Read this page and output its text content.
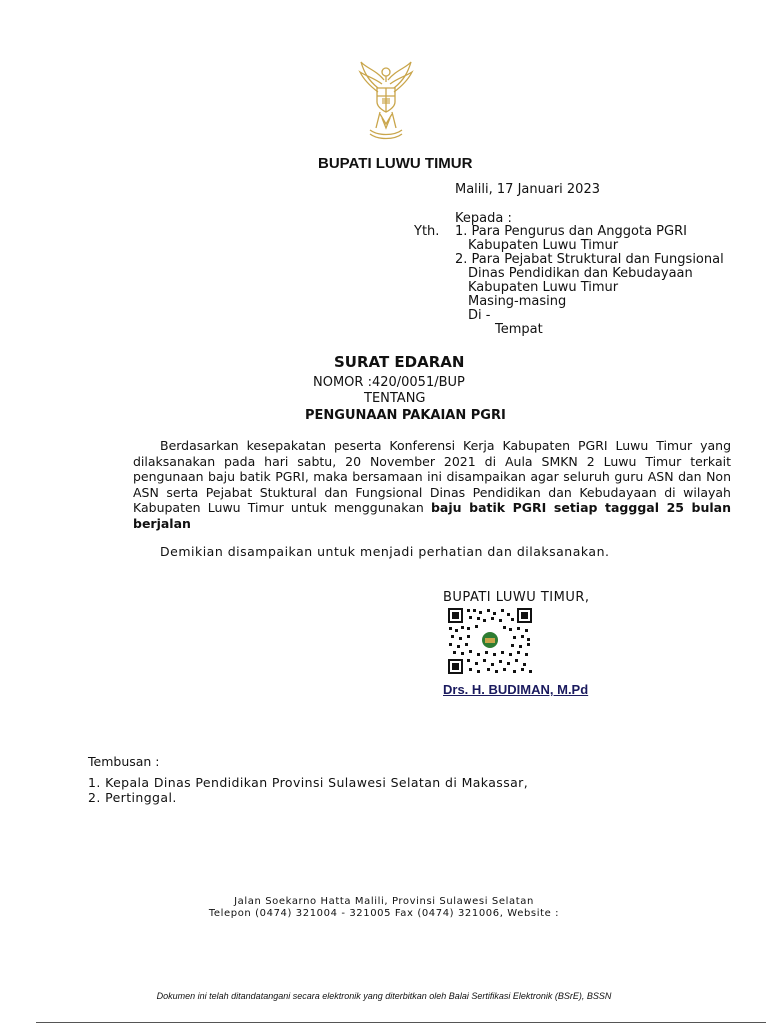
BUPATI LUWU TIMUR
Malili, 17 Januari 2023
Kepada :
Yth. 1. Para Pengurus dan Anggota PGRI
Kabupaten Luwu Timur
2. Para Pejabat Struktural dan Fungsional
Dinas Pendidikan dan Kebudayaan
Kabupaten Luwu Timur
Masing-masing
Di -
Tempat
SURAT EDARAN
NOMOR :420/0051/BUP
TENTANG
PENGUNAAN PAKAIAN PGRI
Berdasarkan kesepakatan peserta Konferensi Kerja Kabupaten PGRI Luwu Timur yang dilaksanakan pada hari sabtu, 20 November 2021 di Aula SMKN 2 Luwu Timur terkait pengunaan baju batik PGRI, maka bersamaan ini disampaikan agar seluruh guru ASN dan Non ASN serta Pejabat Stuktural dan Fungsional Dinas Pendidikan dan Kebudayaan di wilayah Kabupaten Luwu Timur untuk menggunakan baju batik PGRI setiap tagggal 25 bulan berjalan
Demikian disampaikan untuk menjadi perhatian dan dilaksanakan.
BUPATI LUWU TIMUR,
Drs. H. BUDIMAN, M.Pd
Tembusan :
1. Kepala Dinas Pendidikan Provinsi Sulawesi Selatan di Makassar,
2. Pertinggal.
Jalan Soekarno Hatta Malili, Provinsi Sulawesi Selatan
Telepon (0474) 321004 - 321005 Fax (0474) 321006, Website :
Dokumen ini telah ditandatangani secara elektronik yang diterbitkan oleh Balai Sertifikasi Elektronik (BSrE), BSSN
